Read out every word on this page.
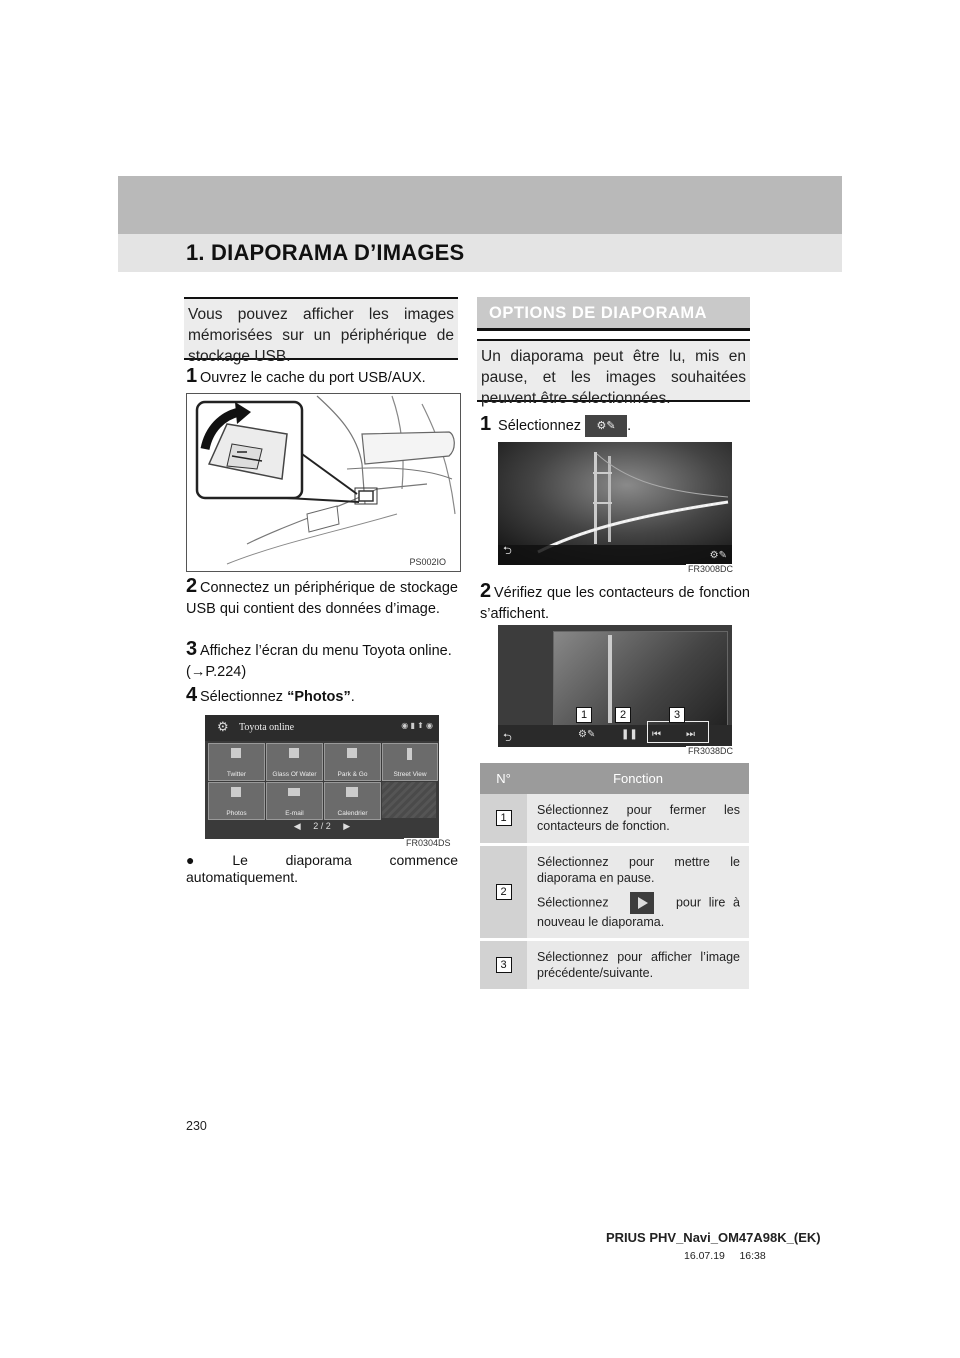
1. DIAPORAMA D’IMAGES
Vous pouvez afficher les images mémorisées sur un périphérique de stockage USB.
1 Ouvrez le cache du port USB/AUX.
PS002IO
2 Connectez un périphérique de stockage USB qui contient des données d’image.
3 Affichez l’écran du menu Toyota online. (→P.224)
4 Sélectionnez “Photos”.
⚙ Toyota online	◉ ▮ ⬆ ◉
Twitter	Glass Of Water	Park & Go	Street View
Photos	E-mail	Calendrier
◀ 2 / 2 ▶
FR0304DS
● Le diaporama commence automatiquement.
OPTIONS DE DIAPORAMA
Un diaporama peut être lu, mis en pause, et les images souhaitées peuvent être sélectionnées.
1 Sélectionnez ⚙✎ .
⮌	⚙✎
FR3008DC
2 Vérifiez que les contacteurs de fonction s’affichent.
⮌	⚙✎	❚❚ ⏮	⏭
1	2	3
FR3038DC
N°	Fonction
1	Sélectionnez pour fermer les contacteurs de fonction.
2	Sélectionnez pour mettre le diaporama en pause.
Sélectionnez pour lire à nouveau le diaporama.

3	Sélectionnez pour afficher l’image précédente/suivante.
230
PRIUS PHV_Navi_OM47A98K_(EK)
16.07.19     16:38
